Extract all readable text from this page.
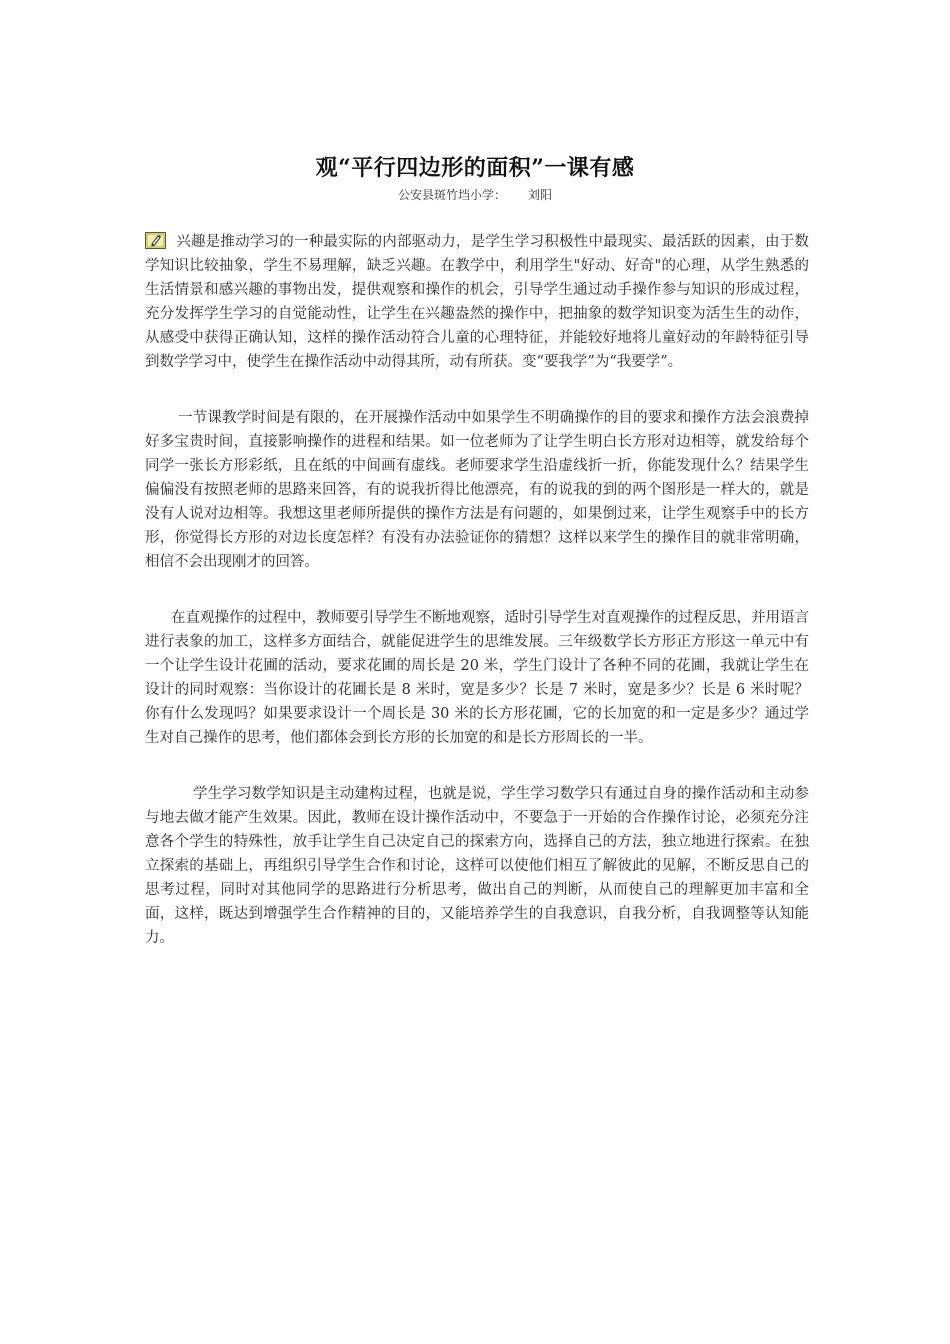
观“平行四边形的面积”一课有感
公安县斑竹垱小学： 刘阳

兴趣是推动学习的一种最实际的内部驱动力，是学生学习积极性中最现实、最活跃的因素，由于数学知识比较抽象，学生不易理解，缺乏兴趣。在教学中，利用学生"好动、好奇"的心理，从学生熟悉的生活情景和感兴趣的事物出发，提供观察和操作的机会，引导学生通过动手操作参与知识的形成过程，充分发挥学生学习的自觉能动性，让学生在兴趣盎然的操作中，把抽象的数学知识变为活生生的动作，从感受中获得正确认知，这样的操作活动符合儿童的心理特征，并能较好地将儿童好动的年龄特征引导到数学学习中，使学生在操作活动中动得其所，动有所获。变“要我学”为“我要学”。

一节课教学时间是有限的，在开展操作活动中如果学生不明确操作的目的要求和操作方法会浪费掉好多宝贵时间，直接影响操作的进程和结果。如一位老师为了让学生明白长方形对边相等，就发给每个同学一张长方形彩纸，且在纸的中间画有虚线。老师要求学生沿虚线折一折，你能发现什么？结果学生偏偏没有按照老师的思路来回答，有的说我折得比他漂亮，有的说我的到的两个图形是一样大的，就是没有人说对边相等。我想这里老师所提供的操作方法是有问题的，如果倒过来，让学生观察手中的长方形，你觉得长方形的对边长度怎样？有没有办法验证你的猜想？这样以来学生的操作目的就非常明确，相信不会出现刚才的回答。

在直观操作的过程中，教师要引导学生不断地观察，适时引导学生对直观操作的过程反思，并用语言进行表象的加工，这样多方面结合，就能促进学生的思维发展。三年级数学长方形正方形这一单元中有一个让学生设计花圃的活动，要求花圃的周长是 20 米，学生门设计了各种不同的花圃，我就让学生在设计的同时观察：当你设计的花圃长是 8 米时，宽是多少？长是 7 米时，宽是多少？长是 6 米时呢？你有什么发现吗？如果要求设计一个周长是 30 米的长方形花圃，它的长加宽的和一定是多少？通过学生对自己操作的思考，他们都体会到长方形的长加宽的和是长方形周长的一半。

学生学习数学知识是主动建构过程，也就是说，学生学习数学只有通过自身的操作活动和主动参与地去做才能产生效果。因此，教师在设计操作活动中，不要急于一开始的合作操作讨论，必须充分注意各个学生的特殊性，放手让学生自己决定自己的探索方向，选择自己的方法，独立地进行探索。在独立探索的基础上，再组织引导学生合作和讨论，这样可以使他们相互了解彼此的见解，不断反思自己的思考过程，同时对其他同学的思路进行分析思考，做出自己的判断，从而使自己的理解更加丰富和全面，这样，既达到增强学生合作精神的目的，又能培养学生的自我意识，自我分析，自我调整等认知能力。
